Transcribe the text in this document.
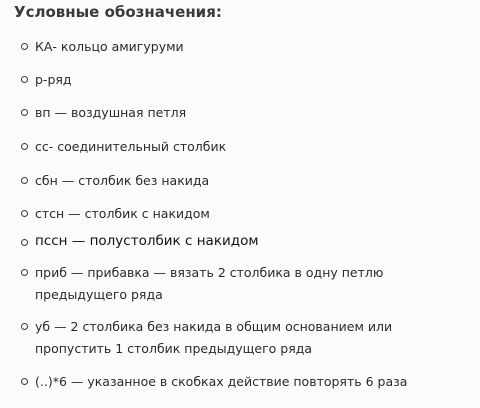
Условные обозначения:
КА- кольцо амигуруми
р-ряд
вп — воздушная петля
сс- соединительный столбик
сбн — столбик без накида
стсн — столбик с накидом
пссн — полустолбик с накидом
приб — прибавка — вязать 2 столбика в одну петлю
предыдущего ряда
уб — 2 столбика без накида в общим основанием или
пропустить 1 столбик предыдущего ряда
(..)*6 — указанное в скобках действие повторять 6 раза
